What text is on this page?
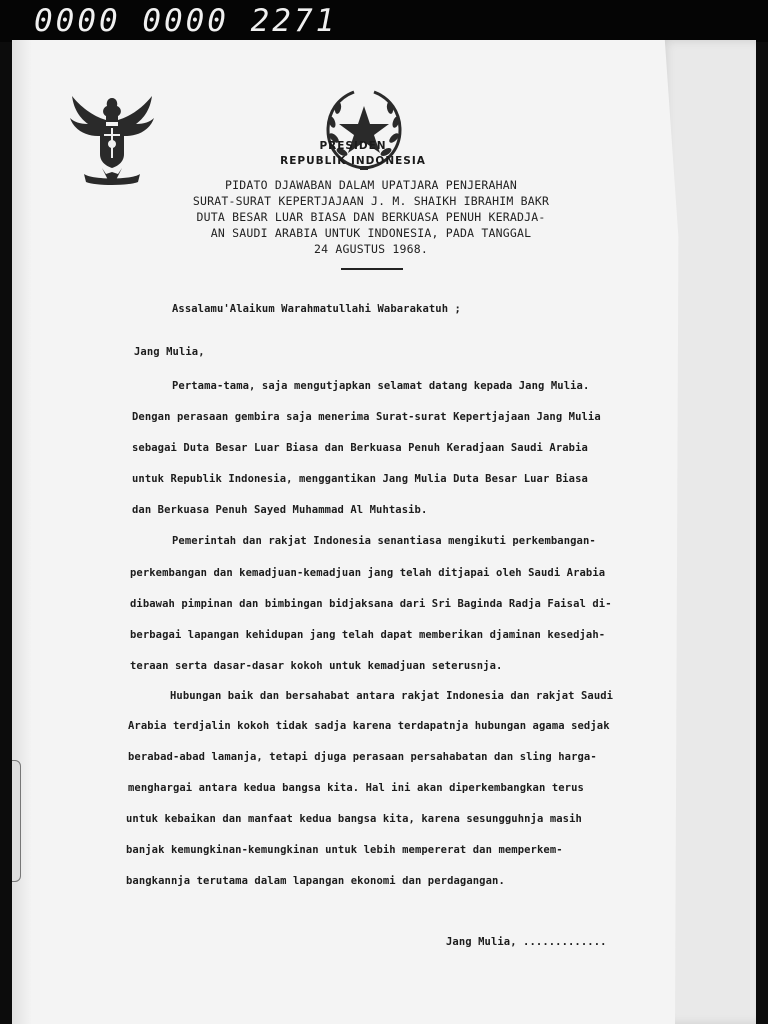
0000 0000 2271
PRESIDEN
REPUBLIK INDONESIA
PIDATO DJAWABAN DALAM UPATJARA PENJERAHAN
SURAT-SURAT KEPERTJAJAAN J. M. SHAIKH IBRAHIM BAKR
DUTA BESAR LUAR BIASA DAN BERKUASA PENUH KERADJA-
AN SAUDI ARABIA UNTUK INDONESIA, PADA TANGGAL
24 AGUSTUS 1968.
Assalamu'Alaikum Warahmatullahi Wabarakatuh ;
Jang Mulia,
Pertama-tama, saja mengutjapkan selamat datang kepada Jang Mulia.
Dengan perasaan gembira saja menerima Surat-surat Kepertjajaan Jang Mulia
sebagai Duta Besar Luar Biasa dan Berkuasa Penuh Keradjaan Saudi Arabia
untuk Republik Indonesia, menggantikan Jang Mulia Duta Besar Luar Biasa
dan Berkuasa Penuh Sayed Muhammad Al Muhtasib.
Pemerintah dan rakjat Indonesia senantiasa mengikuti perkembangan-
perkembangan dan kemadjuan-kemadjuan jang telah ditjapai oleh Saudi Arabia
dibawah pimpinan dan bimbingan bidjaksana dari Sri Baginda Radja Faisal di-
berbagai lapangan kehidupan jang telah dapat memberikan djaminan kesedjah-
teraan serta dasar-dasar kokoh untuk kemadjuan seterusnja.
Hubungan baik dan bersahabat antara rakjat Indonesia dan rakjat Saudi
Arabia terdjalin kokoh tidak sadja karena terdapatnja hubungan agama sedjak
berabad-abad lamanja, tetapi djuga perasaan persahabatan dan sling harga-
menghargai antara kedua bangsa kita. Hal ini akan diperkembangkan terus
untuk kebaikan dan manfaat kedua bangsa kita, karena sesungguhnja masih
banjak kemungkinan-kemungkinan untuk lebih mempererat dan memperkem-
bangkannja terutama dalam lapangan ekonomi dan perdagangan.
Jang Mulia, .............
